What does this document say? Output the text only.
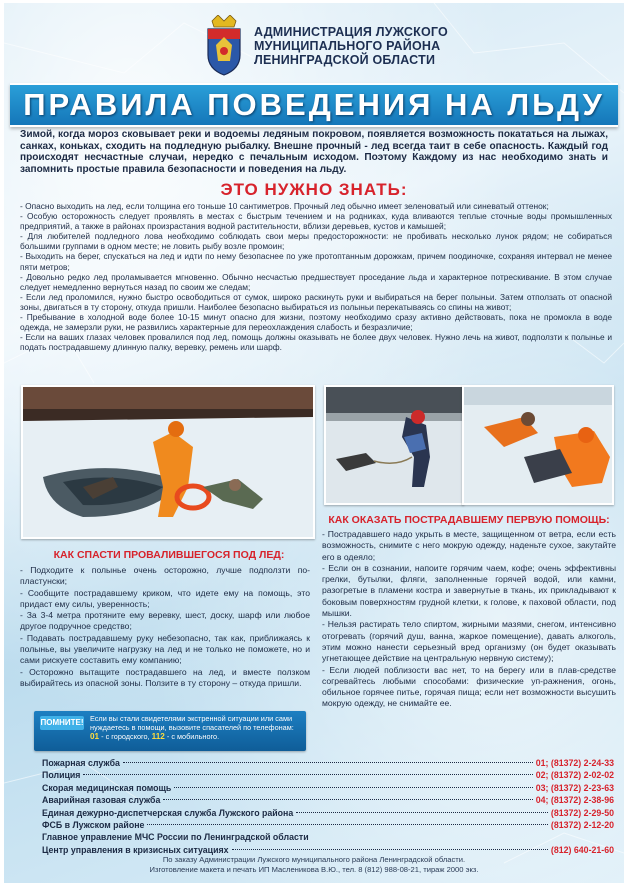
АДМИНИСТРАЦИЯ ЛУЖСКОГО
МУНИЦИПАЛЬНОГО РАЙОНА
ЛЕНИНГРАДСКОЙ ОБЛАСТИ
ПРАВИЛА ПОВЕДЕНИЯ НА ЛЬДУ
Зимой, когда мороз сковывает реки и водоемы ледяным покровом, появляется возможность покататься на лыжах, санках, коньках, сходить на подледную рыбалку. Внешне прочный - лед всегда таит в себе опасность. Каждый год происходят несчастные случаи, нередко с печальным исходом. Поэтому Каждому из нас необходимо знать и запомнить простые правила безопасности и поведения на льду.
ЭТО НУЖНО ЗНАТЬ:

- Опасно выходить на лед, если толщина его тоньше 10 сантиметров. Прочный лед обычно имеет зеленоватый или синеватый оттенок;

- Особую осторожность следует проявлять в местах с быстрым течением и на родниках, куда вливаются теплые сточные воды промышленных предприятий, а также в районах произрастания водной растительности, вблизи деревьев, кустов и камышей;

- Для любителей подледного лова необходимо соблюдать свои меры предосторожности: не пробивать несколько лунок рядом; не собираться большими группами в одном месте; не ловить рыбу возле промоин;

- Выходить на берег, спускаться на лед и идти по нему безопаснее по уже протоптанным дорожкам, причем поодиночке, сохраняя интервал не менее пяти метров;

- Довольно редко лед проламывается мгновенно. Обычно несчастью предшествует проседание льда и характерное потрескивание. В этом случае следует немедленно вернуться назад по своим же следам;

- Если лед проломился, нужно быстро освободиться от сумок, широко раскинуть руки и выбираться на берег полыньи. Затем отползать от опасной зоны, двигаться в ту сторону, откуда пришли. Наиболее безопасно выбираться из полыньи перекатываясь со спины на живот;

- Пребывание в холодной воде более 10-15 минут опасно для жизни, поэтому необходимо сразу активно действовать, пока не промокла в воде одежда, не замерзли руки, не развились характерные для переохлаждения слабость и безразличие;

- Если на ваших глазах человек провалился под лед, помощь должны оказывать не более двух человек. Нужно лечь на живот, подползти к полынье и подать пострадавшему длинную палку, веревку, ремень или шарф.

КАК СПАСТИ ПРОВАЛИВШЕГОСЯ ПОД ЛЕД:

- Подходите к полынье очень осторожно, лучше подползти по-пластунски;

- Сообщите пострадавшему криком, что идете ему на помощь, это придаст ему силы, уверенность;

- За 3-4 метра протяните ему веревку, шест, доску, шарф или любое другое подручное средство;

- Подавать пострадавшему руку небезопасно, так как, приближаясь к полынье, вы увеличите нагрузку на лед и не только не поможете, но и сами рискуете составить ему компанию;

- Осторожно вытащите пострадавшего на лед, и вместе ползком выбирайтесь из опасной зоны. Ползите в ту сторону – откуда пришли.

КАК ОКАЗАТЬ ПОСТРАДАВШЕМУ ПЕРВУЮ ПОМОЩЬ:

- Пострадавшего надо укрыть в месте, защищенном от ветра, если есть возможность, снимите с него мокрую одежду, наденьте сухое, закутайте его в одеяло;

- Если он в сознании, напоите горячим чаем, кофе; очень эффективны грелки, бутылки, фляги, заполненные горячей водой, или камни, разогретые в пламени костра и завернутые в ткань, их прикладывают к боковым поверхностям грудной клетки, к голове, к паховой области, под мышки.

- Нельзя растирать тело спиртом, жирными мазями, снегом, интенсивно отогревать (горячий душ, ванна, жаркое помещение), давать алкоголь, этим можно нанести серьезный вред организму (он будет оказывать угнетающее действие на центральную нервную систему);

- Если людей поблизости вас нет, то на берегу или в плав-средстве согревайтесь любыми способами: физические уп-ражнения, огонь, обильное горячее питье, горячая пища; если нет возможности высушить мокрую одежду, не снимайте ее.

ПОМНИТЕ! Если вы стали свидетелями экстренной ситуации или сами нуждаетесь в помощи, вызовите спасателей по телефонам:
01 - с городского, 112 - с мобильного.
Пожарная служба	01; (81372) 2-24-33
Полиция	02; (81372) 2-02-02
Скорая медицинская помощь	03; (81372) 2-23-63
Аварийная газовая служба	04; (81372) 2-38-96
Единая дежурно-диспетчерская служба Лужского района	(81372) 2-29-50
ФСБ в Лужском районе	(81372) 2-12-20
Главное управление МЧС России по Ленинградской области
Центр управления в кризисных ситуациях	(812) 640-21-60
По заказу Администрации Лужского муниципального района Ленинградской области.
Изготовление макета и печать ИП Масленикова В.Ю., тел. 8 (812) 988-08-21, тираж 2000 экз.
